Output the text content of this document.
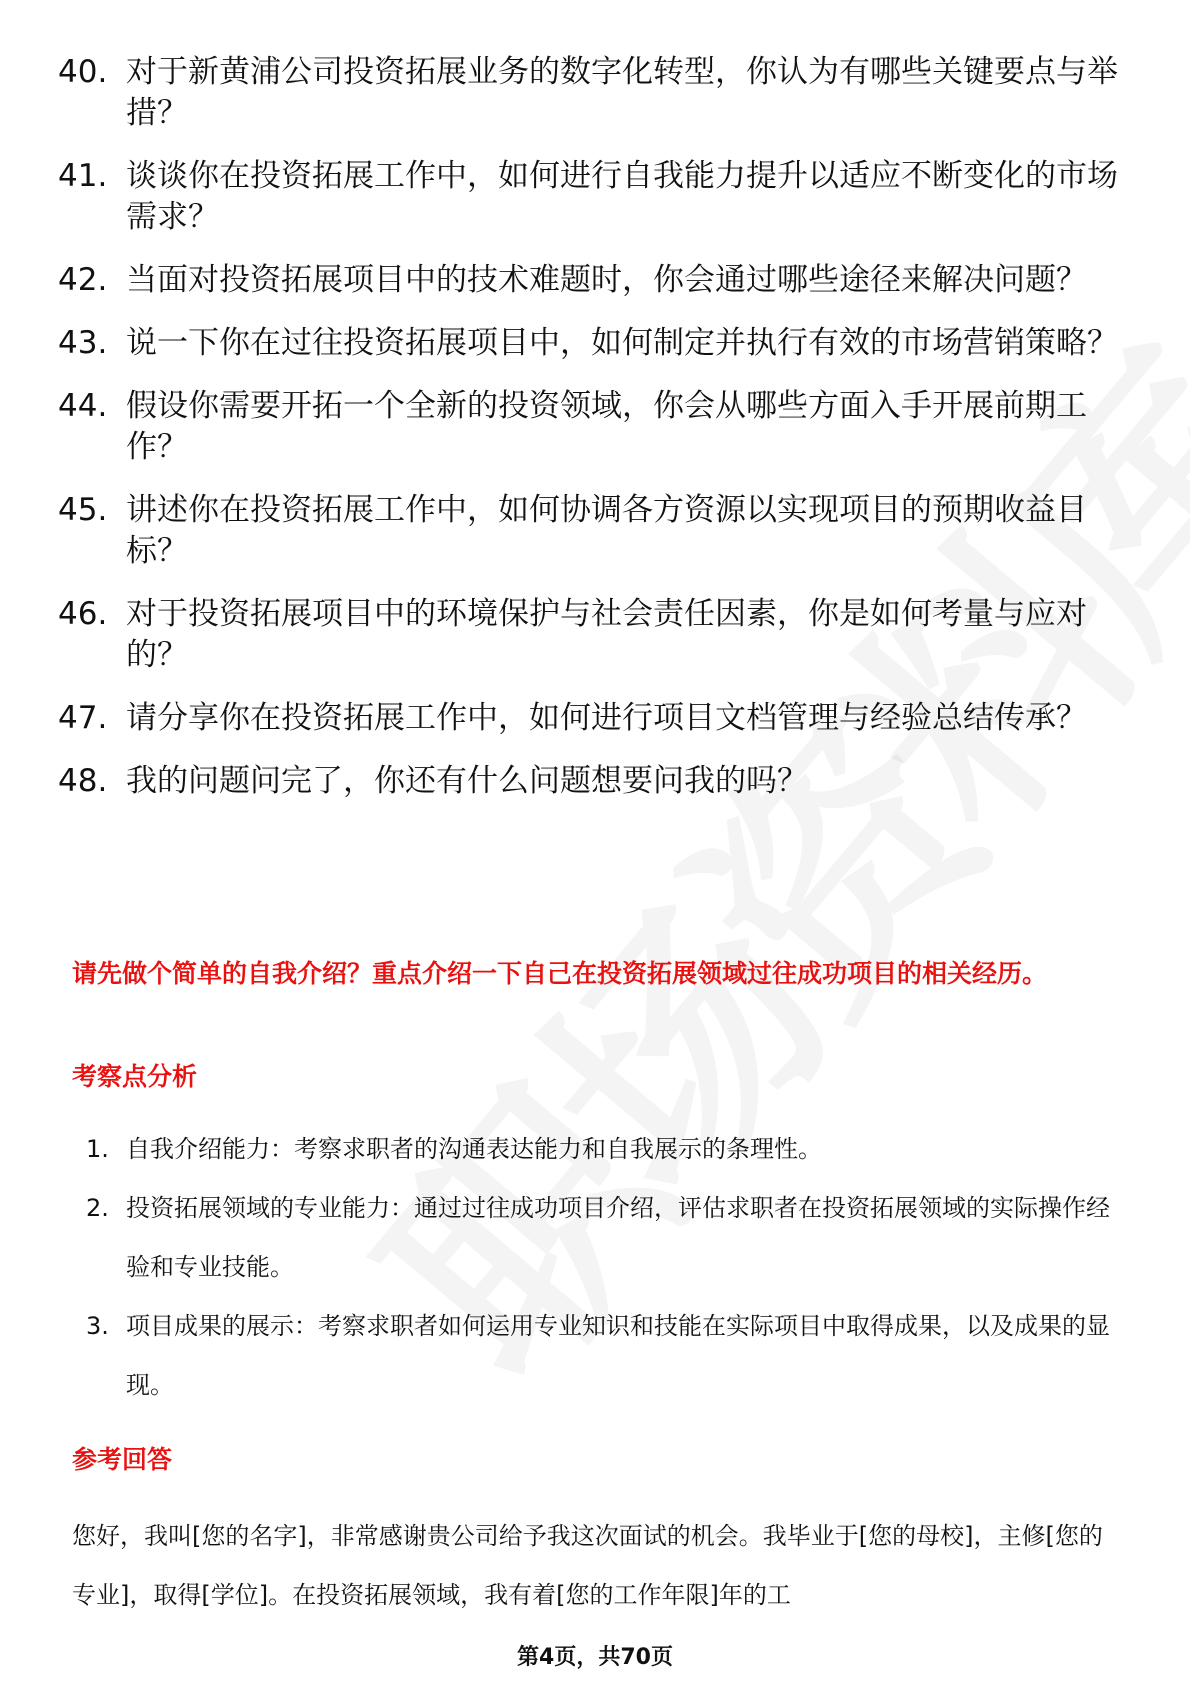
40. 对于新黄浦公司投资拓展业务的数字化转型，你认为有哪些关键要点与举措？
41. 谈谈你在投资拓展工作中，如何进行自我能力提升以适应不断变化的市场需求？
42. 当面对投资拓展项目中的技术难题时，你会通过哪些途径来解决问题？
43. 说一下你在过往投资拓展项目中，如何制定并执行有效的市场营销策略？
44. 假设你需要开拓一个全新的投资领域，你会从哪些方面入手开展前期工作？
45. 讲述你在投资拓展工作中，如何协调各方资源以实现项目的预期收益目标？
46. 对于投资拓展项目中的环境保护与社会责任因素，你是如何考量与应对的？
47. 请分享你在投资拓展工作中，如何进行项目文档管理与经验总结传承？
48. 我的问题问完了，你还有什么问题想要问我的吗？

请先做个简单的自我介绍？重点介绍一下自己在投资拓展领域过往成功项目的相关经历。

考察点分析
1. 自我介绍能力：考察求职者的沟通表达能力和自我展示的条理性。
2. 投资拓展领域的专业能力：通过过往成功项目介绍，评估求职者在投资拓展领域的实际操作经验和专业技能。
3. 项目成果的展示：考察求职者如何运用专业知识和技能在实际项目中取得成果，以及成果的显现。
参考回答

您好，我叫[您的名字]，非常感谢贵公司给予我这次面试的机会。我毕业于[您的母校]，主修[您的专业]，取得[学位]。在投资拓展领域，我有着[您的工作年限]年的工

第4页，共70页
